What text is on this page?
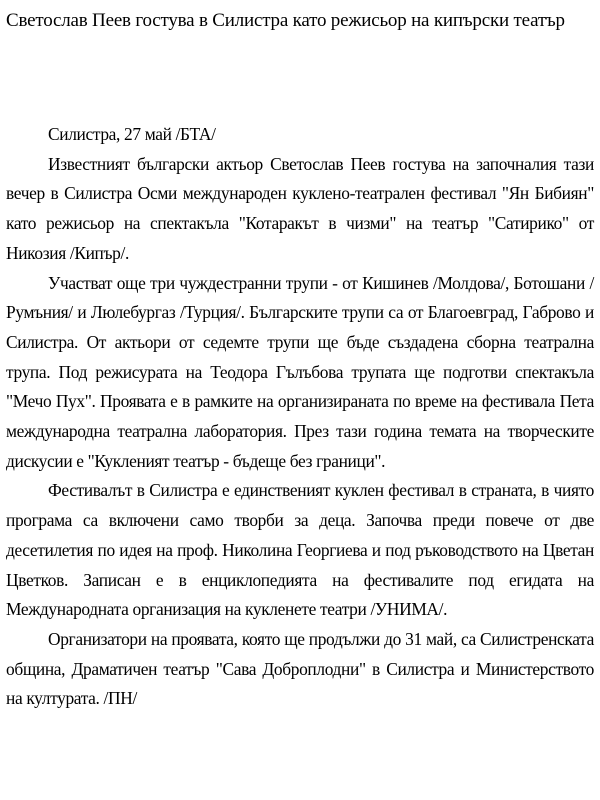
Светослав Пеев гостува в Силистра като режисьор на кипърски театър
Силистра, 27 май /БТА/

Известният български актьор Светослав Пеев гостува на започналия тази вечер в Силистра Осми международен куклено-театрален фестивал "Ян Бибиян" като режисьор на спектакъла "Котаракът в чизми" на театър "Сатирико" от Никозия /Кипър/.

Участват още три чуждестранни трупи - от Кишинев /Молдова/, Ботошани /Румъния/ и Люлебургаз /Турция/. Българските трупи са от Благоевград, Габрово и Силистра. От актьори от седемте трупи ще бъде създадена сборна театрална трупа. Под режисурата на Теодора Гълъбова трупата ще подготви спектакъла "Мечо Пух". Проявата е в рамките на организираната по време на фестивала Пета международна театрална лаборатория. През тази година темата на творческите дискусии е "Кукленият театър - бъдеще без граници".

Фестивалът в Силистра е единственият куклен фестивал в страната, в чиято програма са включени само творби за деца. Започва преди повече от две десетилетия по идея на проф. Николина Георгиева и под ръководството на Цветан Цветков. Записан е в енциклопедията на фестивалите под егидата на Международната организация на кукленете театри /УНИМА/.

Организатори на проявата, която ще продължи до 31 май, са Силистренската община, Драматичен театър "Сава Доброплодни" в Силистра и Министерството на културата. /ПН/
